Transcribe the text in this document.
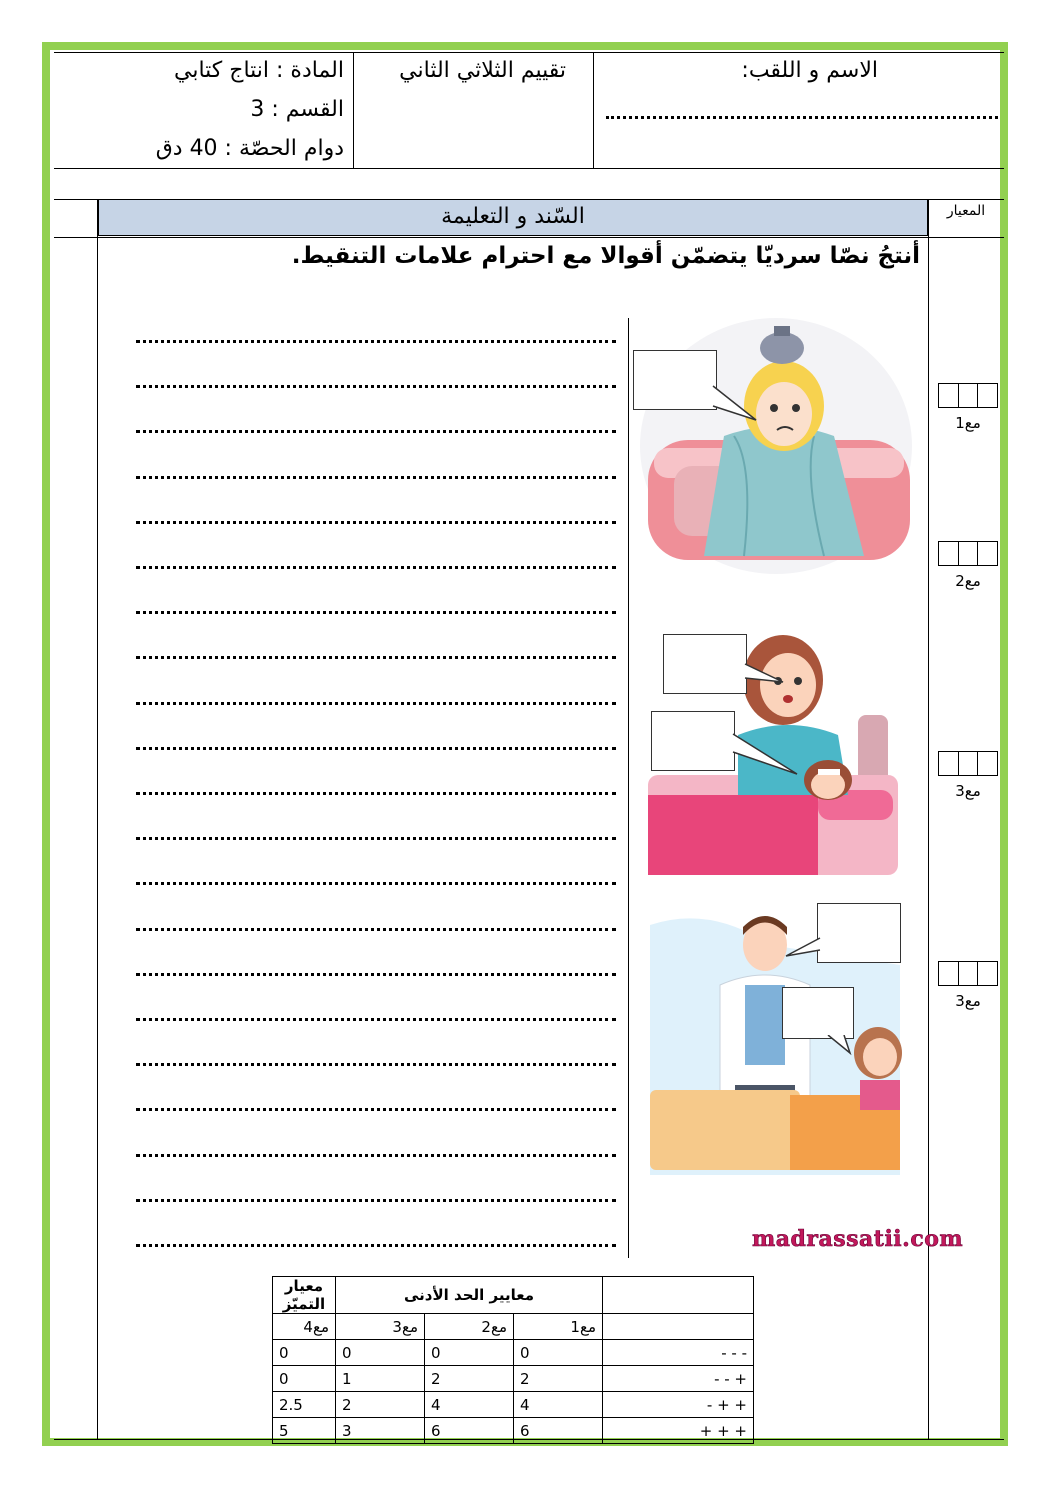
الاسم و اللقب:
تقييم الثلاثي الثاني
المادة : انتاج كتابي
القسم : 3
دوام الحصّة : 40 دق
السّند و التعليمة	المعيار
أنتجُ نصّا سرديّا يتضمّن أقوالا مع احترام علامات التنقيط.
مع1
مع2
مع3
مع3
madrassatii.com
	معايير الحد الأدنى			معيار التميّز
	مع1	مع2	مع3	مع4
- - -	0	0	0	0
+ - -	2	2	1	0
+ + -	4	4	2	2.5
+ + +	6	6	3	5
